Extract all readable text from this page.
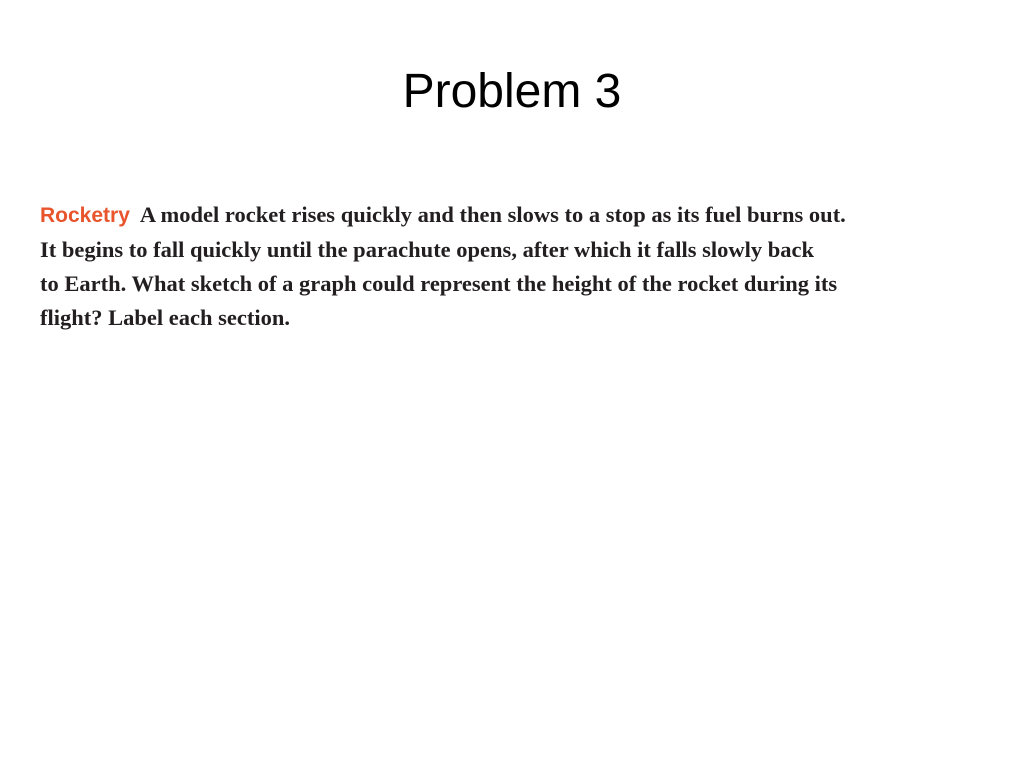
Problem 3

Rocketry A model rocket rises quickly and then slows to a stop as its fuel burns out.
It begins to fall quickly until the parachute opens, after which it falls slowly back
to Earth. What sketch of a graph could represent the height of the rocket during its
flight? Label each section.
